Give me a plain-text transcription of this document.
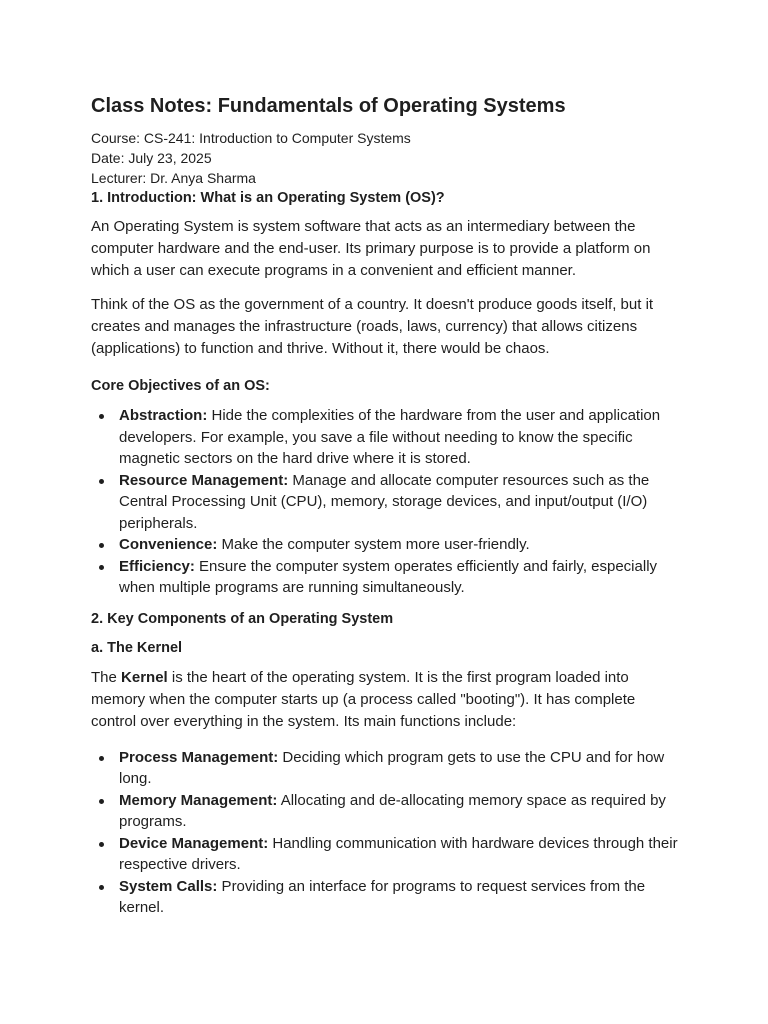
Class Notes: Fundamentals of Operating Systems

Course: CS-241: Introduction to Computer Systems

Date: July 23, 2025

Lecturer: Dr. Anya Sharma

1. Introduction: What is an Operating System (OS)?

An Operating System is system software that acts as an intermediary between the computer hardware and the end-user. Its primary purpose is to provide a platform on which a user can execute programs in a convenient and efficient manner.

Think of the OS as the government of a country. It doesn't produce goods itself, but it creates and manages the infrastructure (roads, laws, currency) that allows citizens (applications) to function and thrive. Without it, there would be chaos.

Core Objectives of an OS:
Abstraction: Hide the complexities of the hardware from the user and application developers. For example, you save a file without needing to know the specific magnetic sectors on the hard drive where it is stored.
Resource Management: Manage and allocate computer resources such as the Central Processing Unit (CPU), memory, storage devices, and input/output (I/O) peripherals.
Convenience: Make the computer system more user-friendly.
Efficiency: Ensure the computer system operates efficiently and fairly, especially when multiple programs are running simultaneously.
2. Key Components of an Operating System
a. The Kernel

The Kernel is the heart of the operating system. It is the first program loaded into memory when the computer starts up (a process called "booting"). It has complete control over everything in the system. Its main functions include:

Process Management: Deciding which program gets to use the CPU and for how long.
Memory Management: Allocating and de-allocating memory space as required by programs.
Device Management: Handling communication with hardware devices through their respective drivers.
System Calls: Providing an interface for programs to request services from the kernel.
